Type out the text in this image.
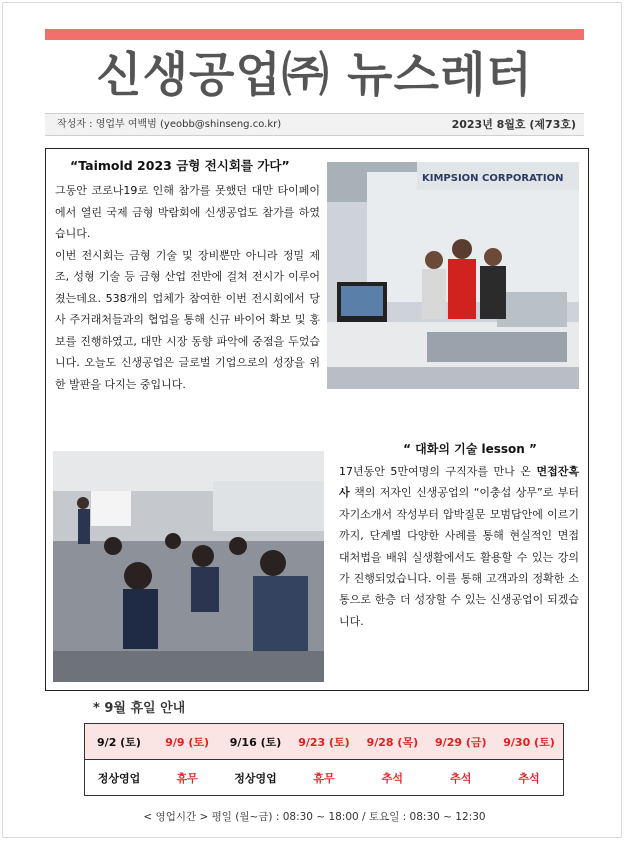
신생공업㈜ 뉴스레터
작성자 : 영업부 여백범 (yeobb@shinseng.co.kr)	2023년 8월호 (제73호)
“Taimold 2023 금형 전시회를 가다”

그동안 코로나19로 인해 참가를 못했던 대만 타이페이에서 열린 국제 금형 박람회에 신생공업도 참가를 하였습니다.

이번 전시회는 금형 기술 및 장비뿐만 아니라 정밀 제조, 성형 기술 등 금형 산업 전반에 걸쳐 전시가 이루어 졌는데요. 538개의 업체가 참여한 이번 전시회에서 당사 주거래처들과의 협업을 통해 신규 바이어 확보 및 홍보를 진행하였고, 대만 시장 동향 파악에 중점을 두었습니다. 오늘도 신생공업은 글로벌 기업으로의 성장을 위한 발판을 다지는 중입니다.

KIMPSION CORPORATION
“ 대화의 기술 lesson ”
17년동안 5만여명의 구직자를 만나 온 면접잔혹사 책의 저자인 신생공업의 “이충섭 상무”로 부터 자기소개서 작성부터 압박질문 모범답안에 이르기까지, 단계별 다양한 사례를 통해 현실적인 면접 대처법을 배워 실생활에서도 활용할 수 있는 강의가 진행되었습니다. 이를 통해 고객과의 정확한 소통으로 한층 더 성장할 수 있는 신생공업이 되겠습니다.
* 9월 휴일 안내
9/2 (토)	9/9 (토)	9/16 (토)	9/23 (토)	9/28 (목)	9/29 (금)	9/30 (토)
정상영업	휴무	정상영업	휴무	추석	추석	추석
< 영업시간 > 평일 (월~금) : 08:30 ~ 18:00 / 토요일 : 08:30 ~ 12:30
